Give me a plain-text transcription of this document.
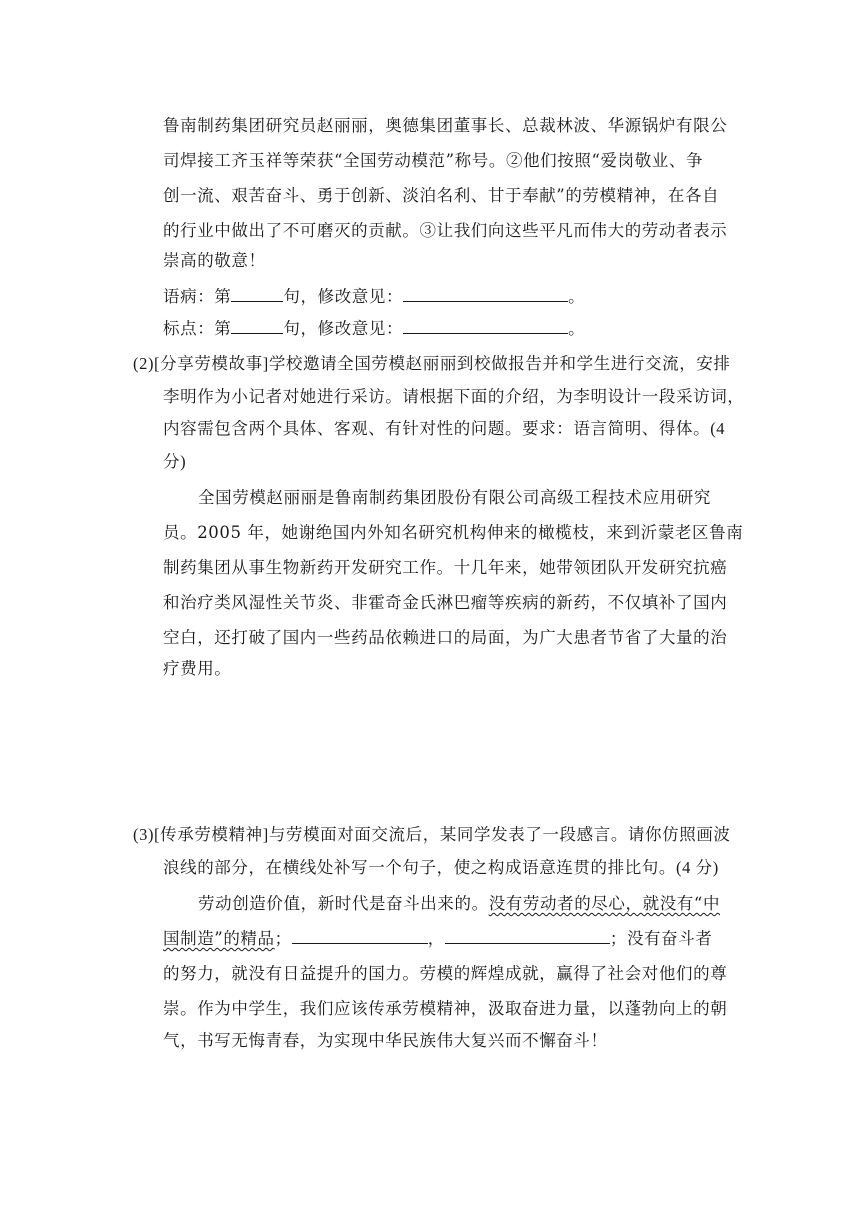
鲁南制药集团研究员赵丽丽，奥德集团董事长、总裁林波、华源锅炉有限公
司焊接工齐玉祥等荣获“全国劳动模范”称号。②他们按照“爱岗敬业、争
创一流、艰苦奋斗、勇于创新、淡泊名利、甘于奉献”的劳模精神，在各自
的行业中做出了不可磨灭的贡献。③让我们向这些平凡而伟大的劳动者表示
崇高的敬意！
语病：第	句，修改意见：	。
标点：第	句，修改意见：	。
(2)[分享劳模故事]学校邀请全国劳模赵丽丽到校做报告并和学生进行交流，安排
李明作为小记者对她进行采访。请根据下面的介绍，为李明设计一段采访词，
内容需包含两个具体、客观、有针对性的问题。要求：语言简明、得体。(4
分)
全国劳模赵丽丽是鲁南制药集团股份有限公司高级工程技术应用研究
员。2005 年，她谢绝国内外知名研究机构伸来的橄榄枝，来到沂蒙老区鲁南
制药集团从事生物新药开发研究工作。十几年来，她带领团队开发研究抗癌
和治疗类风湿性关节炎、非霍奇金氏淋巴瘤等疾病的新药，不仅填补了国内
空白，还打破了国内一些药品依赖进口的局面，为广大患者节省了大量的治
疗费用。
(3)[传承劳模精神]与劳模面对面交流后，某同学发表了一段感言。请你仿照画波
浪线的部分，在横线处补写一个句子，使之构成语意连贯的排比句。(4 分)
劳动创造价值，新时代是奋斗出来的。没有劳动者的尽心，就没有“中
国制造”的精品；	，	；没有奋斗者
的努力，就没有日益提升的国力。劳模的辉煌成就，赢得了社会对他们的尊
崇。作为中学生，我们应该传承劳模精神，汲取奋进力量，以蓬勃向上的朝
气，书写无悔青春，为实现中华民族伟大复兴而不懈奋斗！
